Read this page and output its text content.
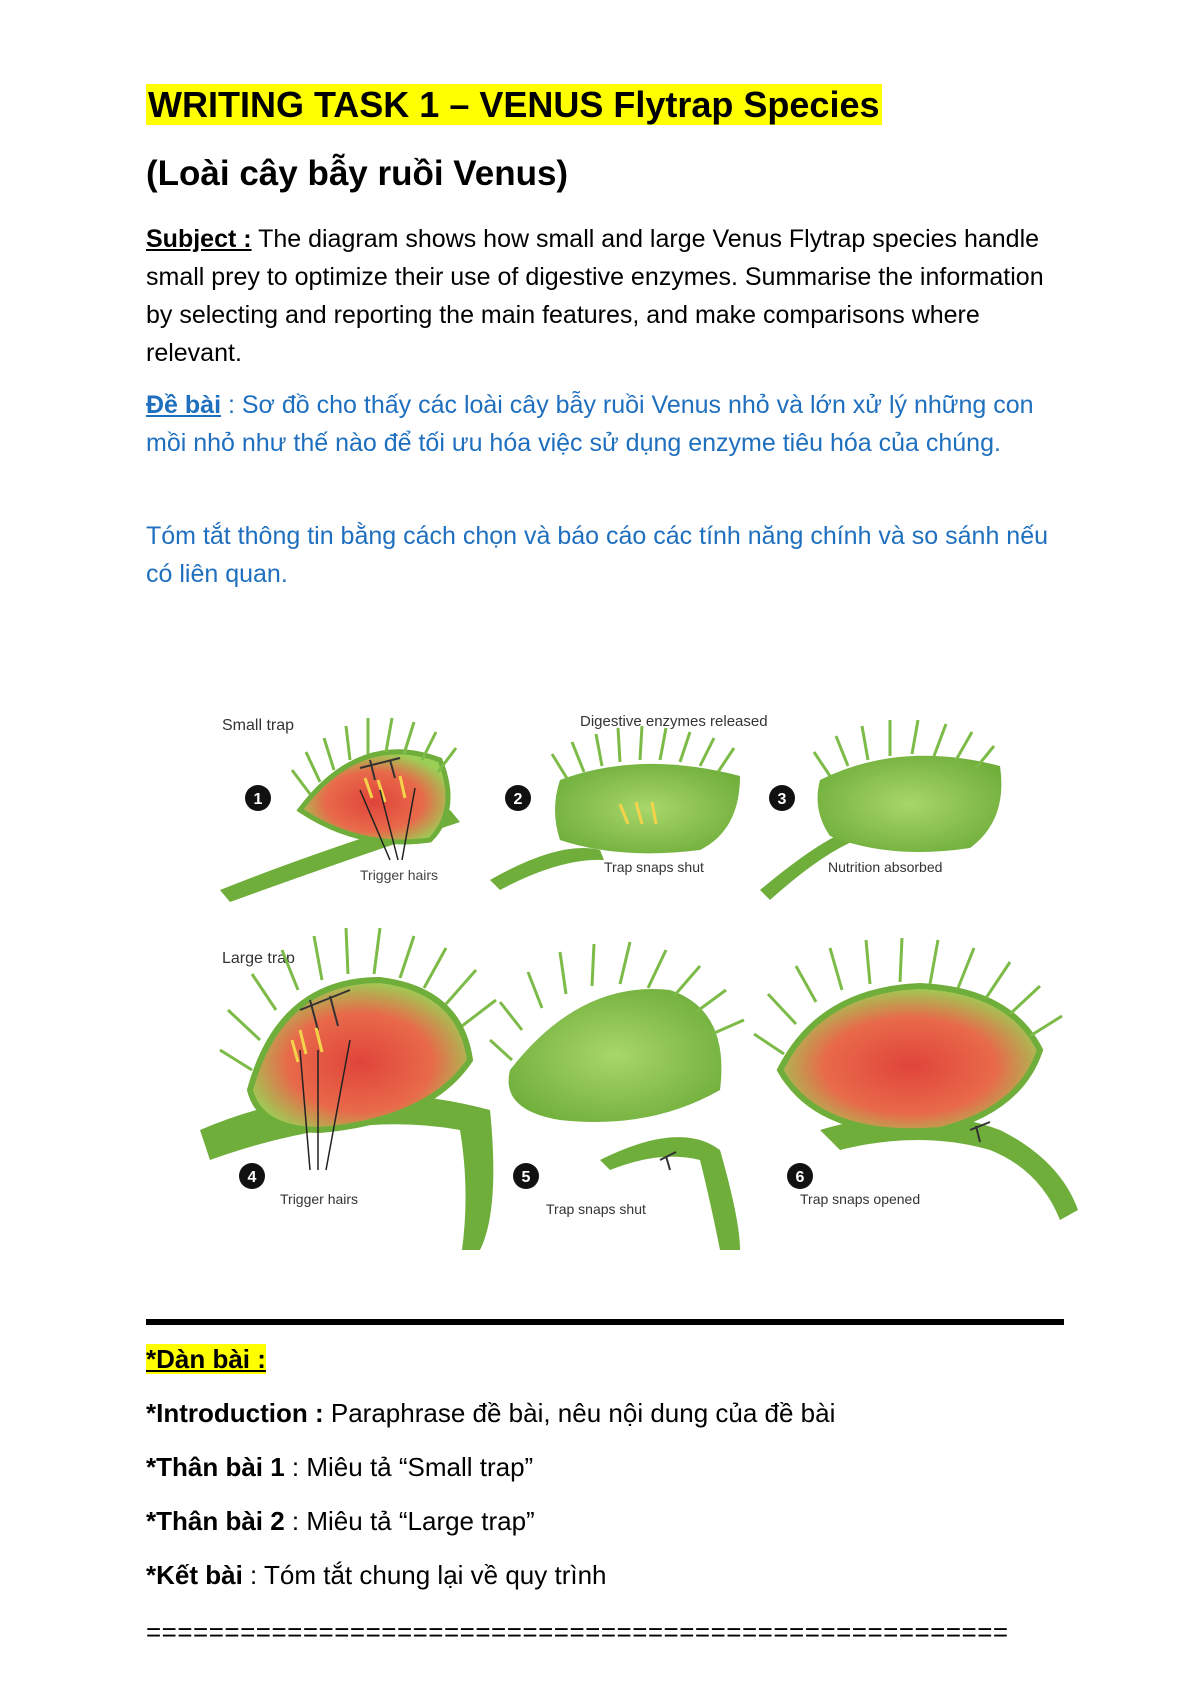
WRITING TASK 1 – VENUS Flytrap Species
(Loài cây bẫy ruồi Venus)
Subject : The diagram shows how small and large Venus Flytrap species handle small prey to optimize their use of digestive enzymes. Summarise the information by selecting and reporting the main features, and make comparisons where relevant.
Đề bài : Sơ đồ cho thấy các loài cây bẫy ruồi Venus nhỏ và lớn xử lý những con mồi nhỏ như thế nào để tối ưu hóa việc sử dụng enzyme tiêu hóa của chúng.
Tóm tắt thông tin bằng cách chọn và báo cáo các tính năng chính và so sánh nếu có liên quan.
Small trap	Digestive enzymes released
Large trap
1
Trigger hairs
2
Trap snaps shut
3
Nutrition absorbed
4
Trigger hairs
5
Trap snaps shut
6
Trap snaps opened
*Dàn bài :
*Introduction : Paraphrase đề bài, nêu nội dung của đề bài
*Thân bài 1 : Miêu tả “Small trap”
*Thân bài 2 : Miêu tả “Large trap”
*Kết bài : Tóm tắt chung lại về quy trình
=======================================================
